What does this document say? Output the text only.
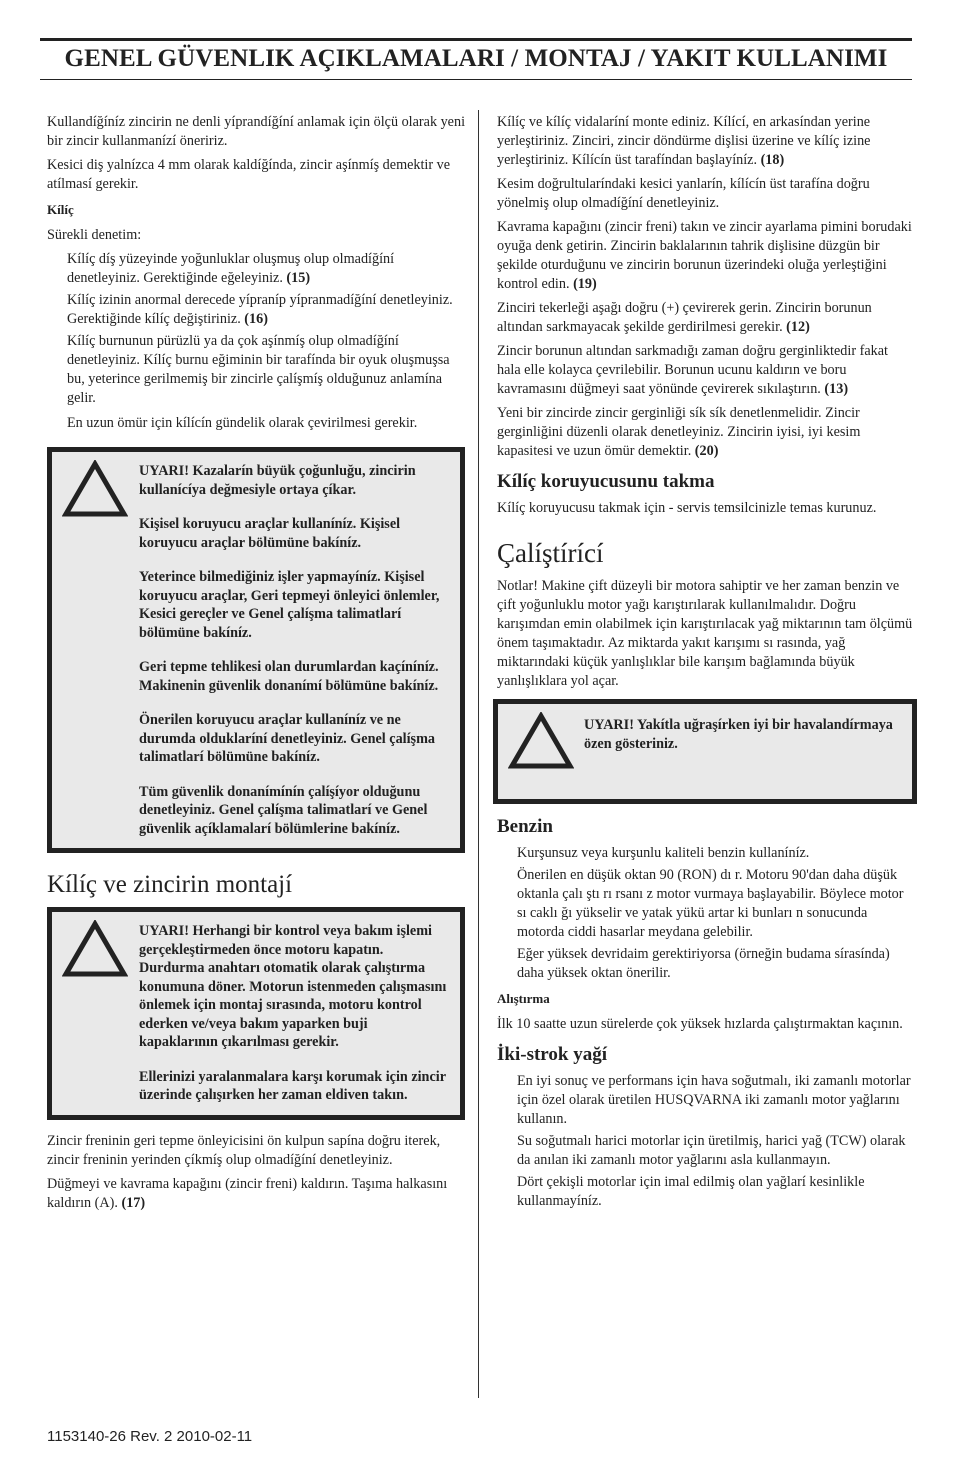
GENEL GÜVENLIK AÇIKLAMALARI / MONTAJ / YAKIT KULLANIMI

Kullandíğíníz zincirin ne denli yíprandíğíní anlamak için ölçü olarak yeni bir zincir kullanmanízí öneririz.

Kesici diş yalnízca 4 mm olarak kaldíğínda, zincir aşínmíş demektir ve atílmasí gerekir.

Kílíç

Sürekli denetim:

Kílíç díş yüzeyinde yoğunluklar oluşmuş olup olmadíğíní denetleyiniz. Gerektiğinde eğeleyiniz. (15)

Kílíç izinin anormal derecede yípraníp yípranmadíğíní denetleyiniz. Gerektiğinde kílíç değiştiriniz. (16)

Kílíç burnunun pürüzlü ya da çok aşínmíş olup olmadíğíní denetleyiniz. Kílíç burnu eğiminin bir tarafínda bir oyuk oluşmuşsa bu, yeterince gerilmemiş bir zincirle çalíşmíş olduğunuz anlamína gelir.

En uzun ömür için kílícín gündelik olarak çevirilmesi gerekir.

UYARI! Kazalarín büyük çoğunluğu, zincirin kullanícíya değmesiyle ortaya çíkar.

Kişisel koruyucu araçlar kullaníníz. Kişisel koruyucu araçlar bölümüne bakíníz.

Yeterince bilmediğiniz işler yapmayíníz. Kişisel koruyucu araçlar, Geri tepmeyi önleyici önlemler, Kesici gereçler ve Genel çalíşma talimatlarí bölümüne bakíníz.

Geri tepme tehlikesi olan durumlardan kaçíníníz. Makinenin güvenlik donanímí bölümüne bakíníz.

Önerilen koruyucu araçlar kullaníníz ve ne durumda olduklaríní denetleyiniz. Genel çalíşma talimatlarí bölümüne bakíníz.

Tüm güvenlik donanímínín çalíşíyor olduğunu denetleyiniz. Genel çalíşma talimatlarí ve Genel güvenlik açíklamalarí bölümlerine bakíníz.

Kílíç ve zincirin montají

UYARI! Herhangi bir kontrol veya bakım işlemi gerçekleştirmeden önce motoru kapatın. Durdurma anahtarı otomatik olarak çalıştırma konumuna döner. Motorun istenmeden çalışmasını önlemek için montaj sırasında, motoru kontrol ederken ve/veya bakım yaparken buji kapaklarının çıkarılması gerekir.

Ellerinizi yaralanmalara karşı korumak için zincir üzerinde çalışırken her zaman eldiven takın.

Zincir freninin geri tepme önleyicisini ön kulpun sapína doğru iterek, zincir freninin yerinden çíkmíş olup olmadíğíní denetleyiniz.

Düğmeyi ve kavrama kapağını (zincir freni) kaldırın. Taşıma halkasını kaldırın (A). (17)

Kílíç ve kílíç vidalaríní monte ediniz. Kílící, en arkasíndan yerine yerleştiriniz. Zinciri, zincir döndürme dişlisi üzerine ve kílíç izine yerleştiriniz. Kílícín üst tarafíndan başlayíníz. (18)

Kesim doğrultularíndaki kesici yanlarín, kílícín üst tarafína doğru yönelmiş olup olmadíğíní denetleyiniz.

Kavrama kapağını (zincir freni) takın ve zincir ayarlama pimini borudaki oyuğa denk getirin. Zincirin baklalarının tahrik dişlisine düzgün bir şekilde oturduğunu ve zincirin borunun üzerindeki oluğa yerleştiğini kontrol edin. (19)

Zinciri tekerleği aşağı doğru (+) çevirerek gerin. Zincirin borunun altından sarkmayacak şekilde gerdirilmesi gerekir. (12)

Zincir borunun altından sarkmadığı zaman doğru gerginliktedir fakat hala elle kolayca çevrilebilir. Borunun ucunu kaldırın ve boru kavramasını düğmeyi saat yönünde çevirerek sıkılaştırın. (13)

Yeni bir zincirde zincir gerginliği sík sík denetlenmelidir. Zincir gerginliğini düzenli olarak denetleyiniz. Zincirin iyisi, iyi kesim kapasitesi ve uzun ömür demektir. (20)

Kílíç koruyucusunu takma

Kílíç koruyucusu takmak için - servis temsilcinizle temas kurunuz.

Çalíştírící

Notlar! Makine çift düzeyli bir motora sahiptir ve her zaman benzin ve çift yoğunluklu motor yağı karıştırılarak kullanılmalıdır. Doğru karışımdan emin olabilmek için karıştırılacak yağ miktarının tam ölçümü önem taşımaktadır. Az miktarda yakıt karışımı sı rasında, yağ miktarındaki küçük yanlışlıklar bile karışım bağlamında büyük yanlışlıklara yol açar.

UYARI! Yakítla uğraşírken iyi bir havalandírmaya özen gösteriniz.

Benzin

Kurşunsuz veya kurşunlu kaliteli benzin kullaníníz.

Önerilen en düşük oktan 90 (RON) dı r. Motoru 90'dan daha düşük oktanla çalı ştı rı rsanı z motor vurmaya başlayabilir. Böylece motor sı caklı ğı yükselir ve yatak yükü artar ki bunları n sonucunda motorda ciddi hasarlar meydana gelebilir.

Eğer yüksek devridaim gerektiriyorsa (örneğin budama sírasínda) daha yüksek oktan önerilir.

Alıştırma

İlk 10 saatte uzun sürelerde çok yüksek hızlarda çalıştırmaktan kaçının.

İki-strok yağí

En iyi sonuç ve performans için hava soğutmalı, iki zamanlı motorlar için özel olarak üretilen HUSQVARNA iki zamanlı motor yağlarını kullanın.

Su soğutmalı harici motorlar için üretilmiş, harici yağ (TCW) olarak da anılan iki zamanlı motor yağlarını asla kullanmayın.

Dört çekişli motorlar için imal edilmiş olan yağlarí kesinlikle kullanmayíníz.

1153140-26 Rev. 2 2010-02-11
